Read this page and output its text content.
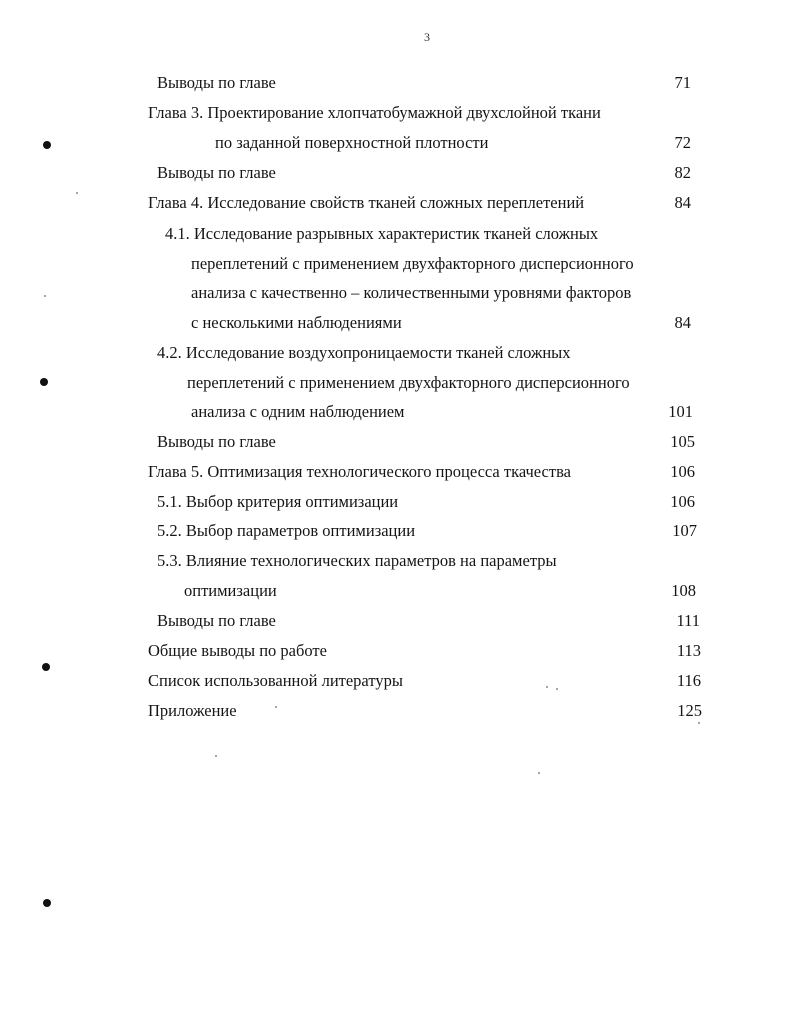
3
Выводы по главе	71
Глава 3. Проектирование хлопчатобумажной двухслойной ткани
по заданной поверхностной плотности	72
Выводы по главе	82
Глава 4. Исследование свойств тканей сложных переплетений	84
4.1. Исследование разрывных характеристик тканей сложных
переплетений с применением двухфакторного дисперсионного
анализа с качественно – количественными уровнями факторов
с несколькими наблюдениями	84
4.2. Исследование воздухопроницаемости тканей сложных
переплетений с применением двухфакторного дисперсионного
анализа с одним наблюдением	101
Выводы по главе	105
Глава 5. Оптимизация технологического процесса ткачества	106
5.1. Выбор критерия оптимизации	106
5.2. Выбор параметров оптимизации	107
5.3. Влияние технологических параметров на параметры
оптимизации	108
Выводы по главе	111
Общие выводы по работе	113
Список использованной литературы	116
Приложение	125
